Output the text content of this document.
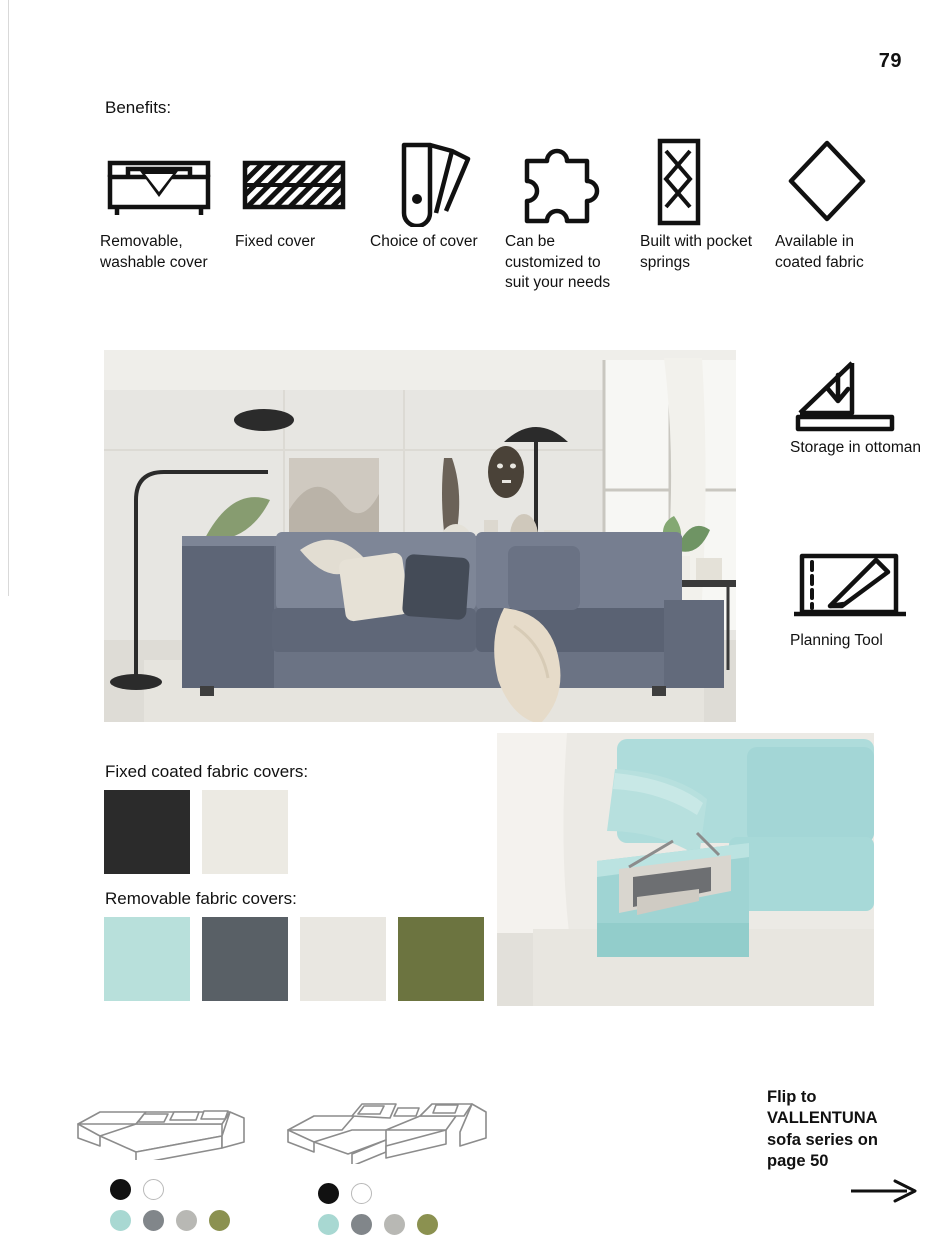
79
Benefits:
Removable, washable cover
Fixed cover	Choice of cover Can be customized to suit your needs
Built with pocket springs
Available in coated fabric
Storage in ottoman
Planning Tool
Fixed coated fabric covers:
Removable fabric covers:
Flip to
VALLENTUNA
sofa series on
page 50
